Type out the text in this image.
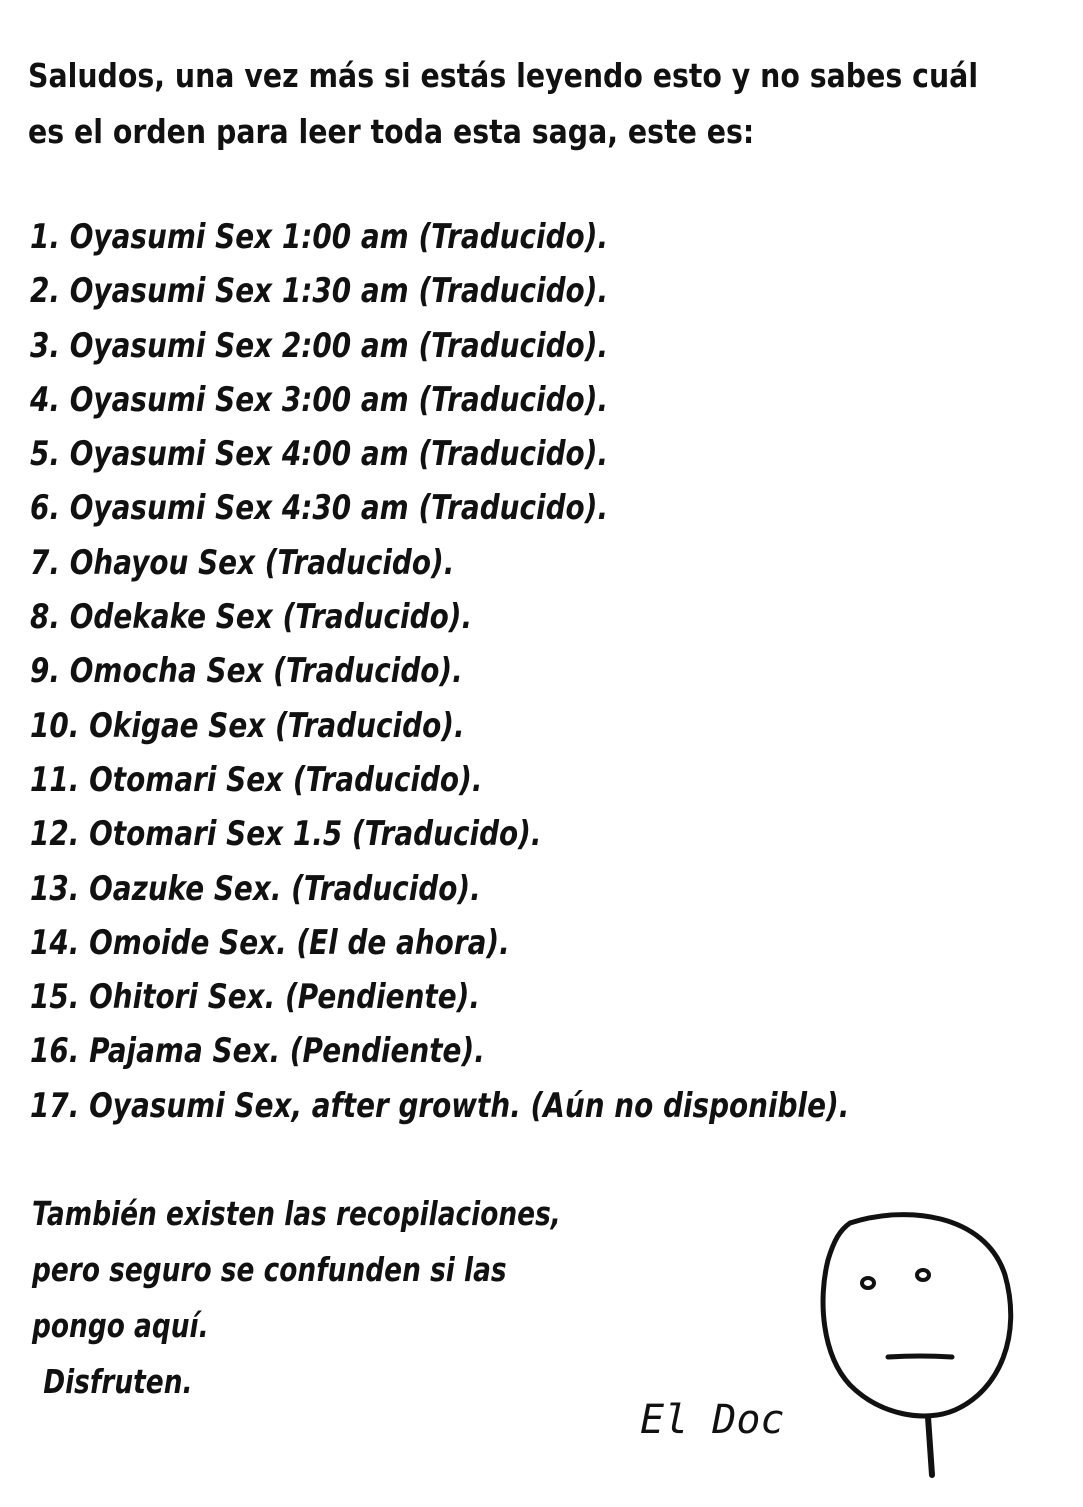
Saludos, una vez más si estás leyendo esto y no sabes cuál
es el orden para leer toda esta saga, este es:
1. Oyasumi Sex 1:00 am (Traducido).
2. Oyasumi Sex 1:30 am (Traducido).
3. Oyasumi Sex 2:00 am (Traducido).
4. Oyasumi Sex 3:00 am (Traducido).
5. Oyasumi Sex 4:00 am (Traducido).
6. Oyasumi Sex 4:30 am (Traducido).
7. Ohayou Sex (Traducido).
8. Odekake Sex (Traducido).
9. Omocha Sex (Traducido).
10. Okigae Sex (Traducido).
11. Otomari Sex (Traducido).
12. Otomari Sex 1.5 (Traducido).
13. Oazuke Sex. (Traducido).
14. Omoide Sex. (El de ahora).
15. Ohitori Sex. (Pendiente).
16. Pajama Sex. (Pendiente).
17. Oyasumi Sex, after growth. (Aún no disponible).
También existen las recopilaciones,
pero seguro se confunden si las
pongo aquí.
Disfruten.
El Doc
